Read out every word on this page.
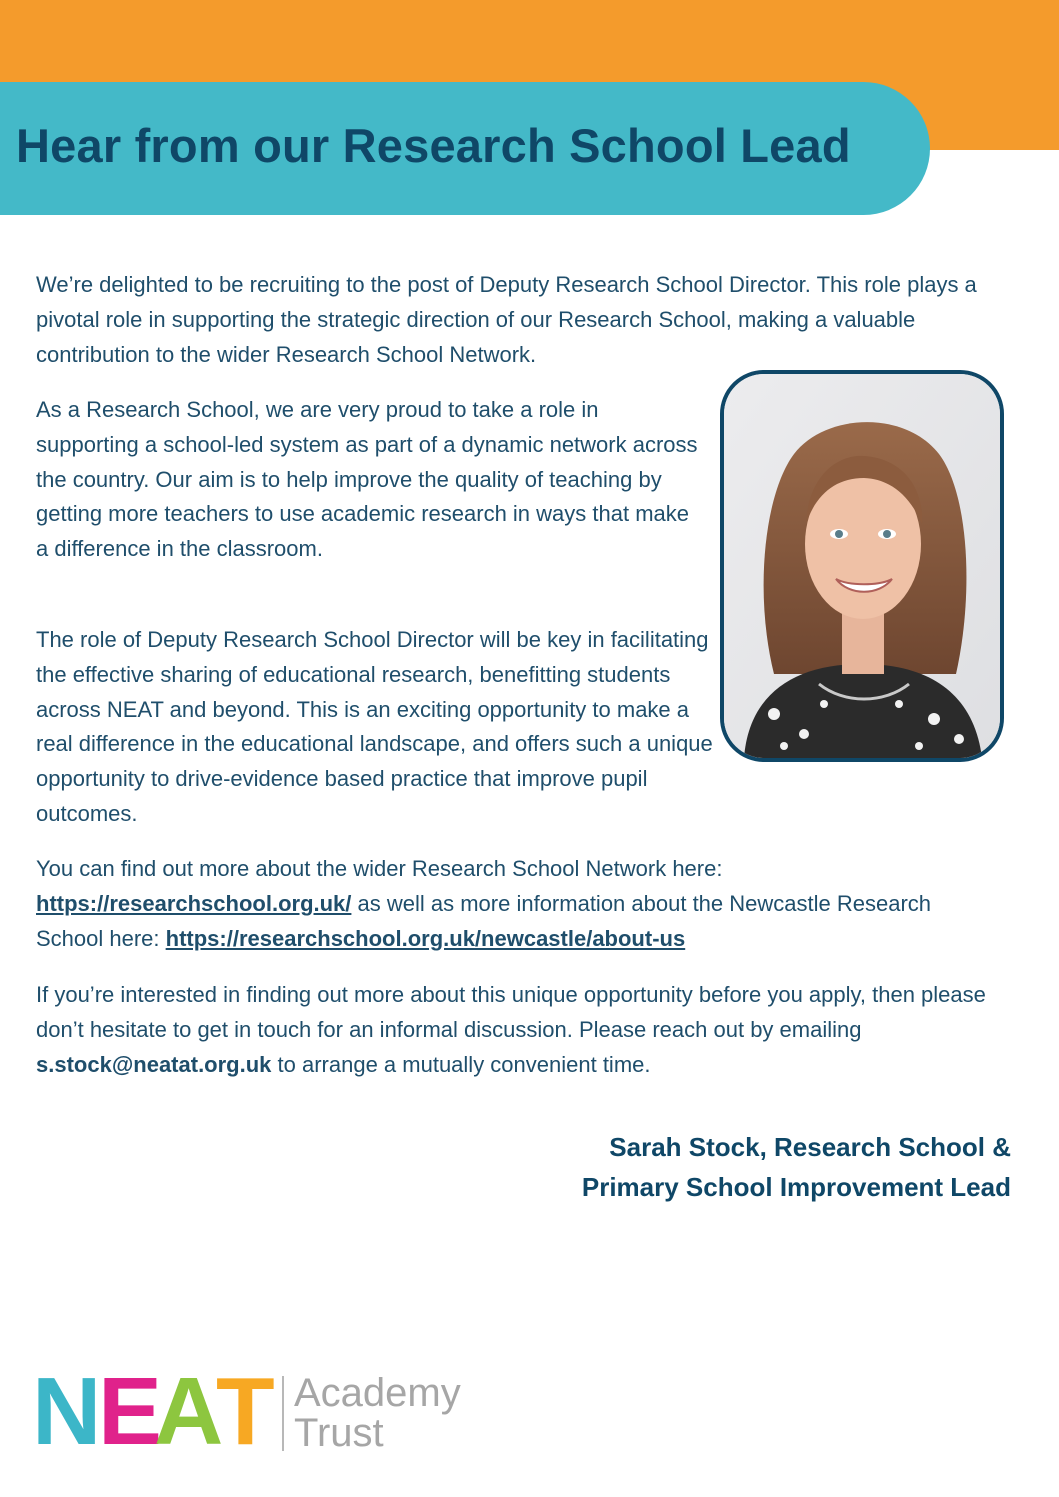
Hear from our Research School Lead

We’re delighted to be recruiting to the post of Deputy Research School Director. This role plays a pivotal role in supporting the strategic direction of our Research School, making a valuable contribution to the wider Research School Network.

As a Research School, we are very proud to take a role in supporting a school-led system as part of a dynamic network across the country. Our aim is to help improve the quality of teaching by getting more teachers to use academic research in ways that make a difference in the classroom.

The role of Deputy Research School Director will be key in facilitating the effective sharing of educational research, benefitting students across NEAT and beyond. This is an exciting opportunity to make a real difference in the educational landscape, and offers such a unique opportunity to drive-evidence based practice that improve pupil outcomes.

You can find out more about the wider Research School Network here: https://researchschool.org.uk/ as well as more information about the Newcastle Research School here: https://researchschool.org.uk/newcastle/about-us

If you’re interested in finding out more about this unique opportunity before you apply, then please don’t hesitate to get in touch for an informal discussion. Please reach out by emailing s.stock@neatat.org.uk to arrange a mutually convenient time.

Sarah Stock, Research School &
Primary School Improvement Lead
N
E
A
T Academy
Trust
